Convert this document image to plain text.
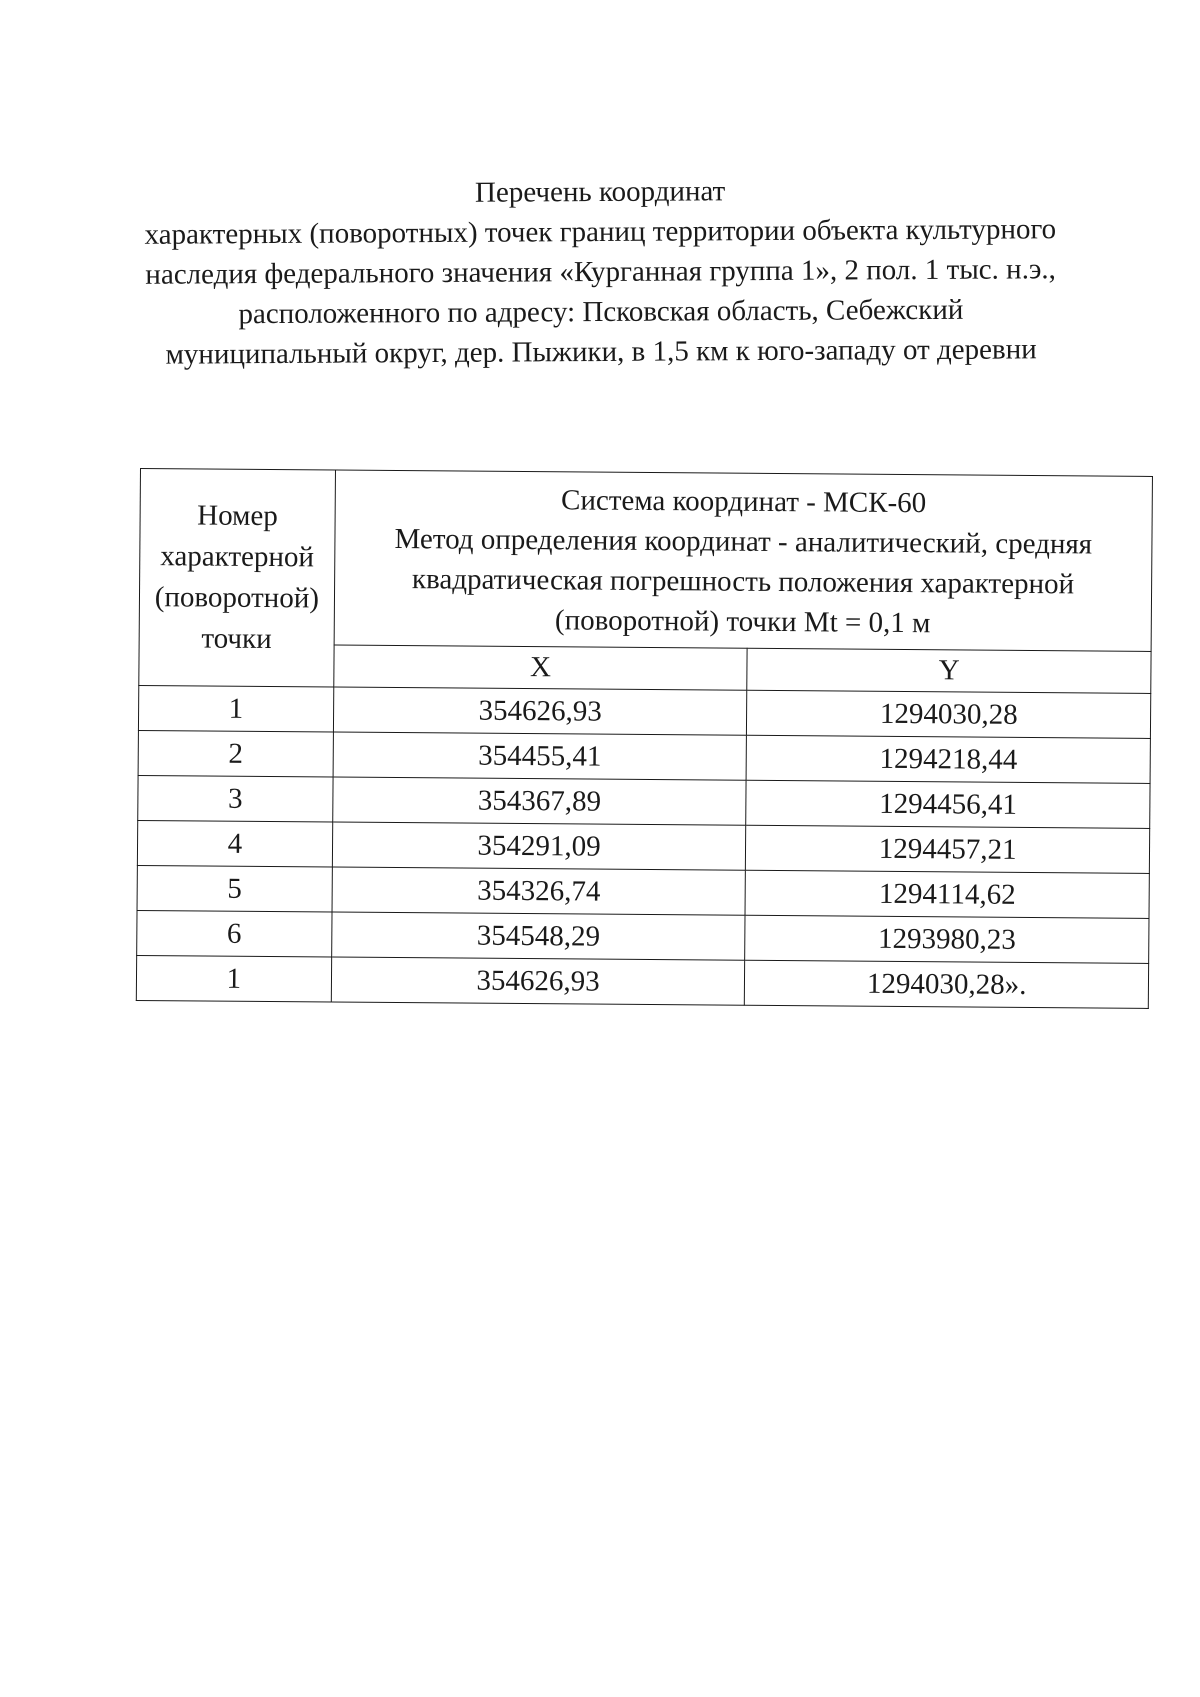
Перечень координат
характерных (поворотных) точек границ территории объекта культурного
наследия федерального значения «Курганная группа 1», 2 пол. 1 тыс. н.э.,
расположенного по адресу: Псковская область, Себежский
муниципальный округ, дер. Пыжики, в 1,5 км к юго-западу от деревни
Номер
характерной
(поворотной)
точки	Система координат - МСК-60
Метод определения координат - аналитический, средняя
квадратическая погрешность положения характерной
(поворотной) точки Mt = 0,1 м	

	X	Y
1	354626,93	1294030,28
2	354455,41	1294218,44
3	354367,89	1294456,41
4	354291,09	1294457,21
5	354326,74	1294114,62
6	354548,29	1293980,23
1	354626,93	1294030,28».
